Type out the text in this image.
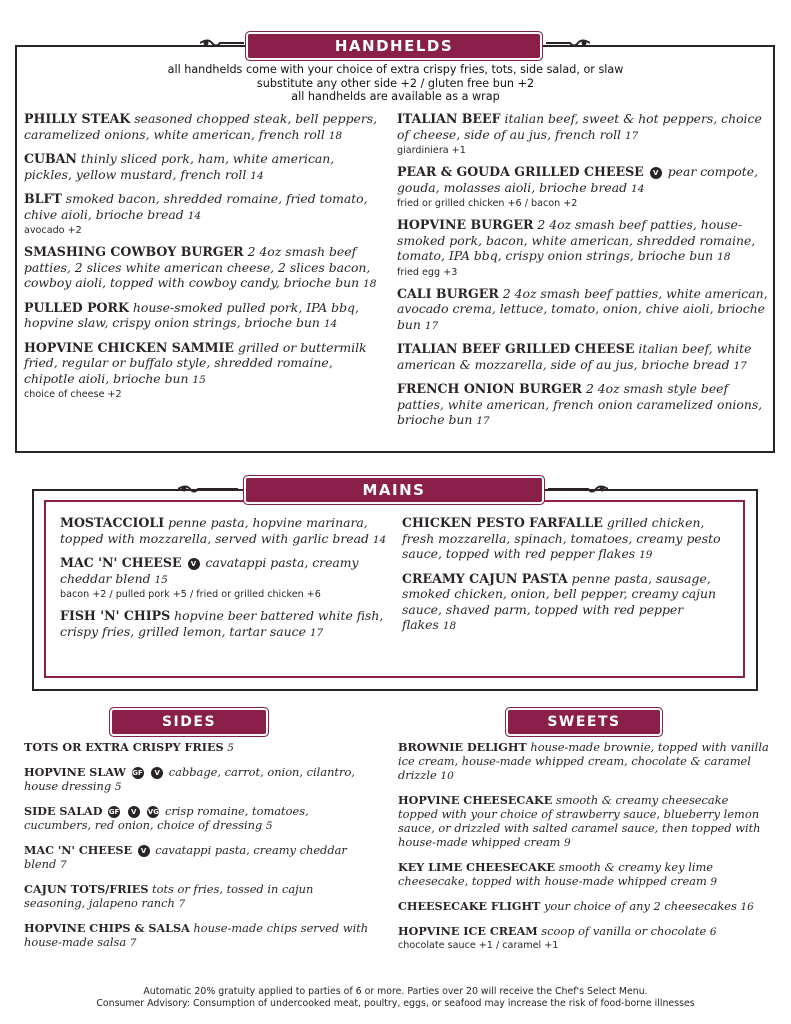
HANDHELDS
all handhelds come with your choice of extra crispy fries, tots, side salad, or slaw
substitute any other side +2 / gluten free bun +2
all handhelds are available as a wrap
PHILLY STEAK seasoned chopped steak, bell peppers, caramelized onions, white american, french roll 18
CUBAN thinly sliced pork, ham, white american, pickles, yellow mustard, french roll 14
BLFT smoked bacon, shredded romaine, fried tomato, chive aioli, brioche bread 14
avocado +2
SMASHING COWBOY BURGER 2 4oz smash beef patties, 2 slices white american cheese, 2 slices bacon, cowboy aioli, topped with cowboy candy, brioche bun 18
PULLED PORK house-smoked pulled pork, IPA bbq, hopvine slaw, crispy onion strings, brioche bun 14
HOPVINE CHICKEN SAMMIE grilled or buttermilk fried, regular or buffalo style, shredded romaine, chipotle aioli, brioche bun 15
choice of cheese +2
ITALIAN BEEF italian beef, sweet & hot peppers, choice of cheese, side of au jus, french roll 17
giardiniera +1
PEAR & GOUDA GRILLED CHEESE V pear compote, gouda, molasses aioli, brioche bread 14
fried or grilled chicken +6 / bacon +2
HOPVINE BURGER 2 4oz smash beef patties, house-smoked pork, bacon, white american, shredded romaine, tomato, IPA bbq, crispy onion strings, brioche bun 18
fried egg +3
CALI BURGER 2 4oz smash beef patties, white american, avocado crema, lettuce, tomato, onion, chive aioli, brioche bun 17
ITALIAN BEEF GRILLED CHEESE italian beef, white american & mozzarella, side of au jus, brioche bread 17
FRENCH ONION BURGER 2 4oz smash style beef patties, white american, french onion caramelized onions, brioche bun 17
MAINS
MOSTACCIOLI penne pasta, hopvine marinara, topped with mozzarella, served with garlic bread 14
MAC 'N' CHEESE V cavatappi pasta, creamy cheddar blend 15
bacon +2 / pulled pork +5 / fried or grilled chicken +6
FISH 'N' CHIPS hopvine beer battered white fish, crispy fries, grilled lemon, tartar sauce 17
CHICKEN PESTO FARFALLE grilled chicken, fresh mozzarella, spinach, tomatoes, creamy pesto sauce, topped with red pepper flakes 19
CREAMY CAJUN PASTA penne pasta, sausage, smoked chicken, onion, bell pepper, creamy cajun sauce, shaved parm, topped with red pepper flakes 18
SIDES
TOTS OR EXTRA CRISPY FRIES 5
HOPVINE SLAW GF V cabbage, carrot, onion, cilantro, house dressing 5
SIDE SALAD GF V VG crisp romaine, tomatoes, cucumbers, red onion, choice of dressing 5
MAC 'N' CHEESE V cavatappi pasta, creamy cheddar blend 7
CAJUN TOTS/FRIES tots or fries, tossed in cajun seasoning, jalapeno ranch 7
HOPVINE CHIPS & SALSA house-made chips served with house-made salsa 7
SWEETS
BROWNIE DELIGHT house-made brownie, topped with vanilla ice cream, house-made whipped cream, chocolate & caramel drizzle 10
HOPVINE CHEESECAKE smooth & creamy cheesecake topped with your choice of strawberry sauce, blueberry lemon sauce, or drizzled with salted caramel sauce, then topped with house-made whipped cream 9
KEY LIME CHEESECAKE smooth & creamy key lime cheesecake, topped with house-made whipped cream 9
CHEESECAKE FLIGHT your choice of any 2 cheesecakes 16
HOPVINE ICE CREAM scoop of vanilla or chocolate 6
chocolate sauce +1 / caramel +1
Automatic 20% gratuity applied to parties of 6 or more. Parties over 20 will receive the Chef's Select Menu.
Consumer Advisory: Consumption of undercooked meat, poultry, eggs, or seafood may increase the risk of food-borne illnesses
